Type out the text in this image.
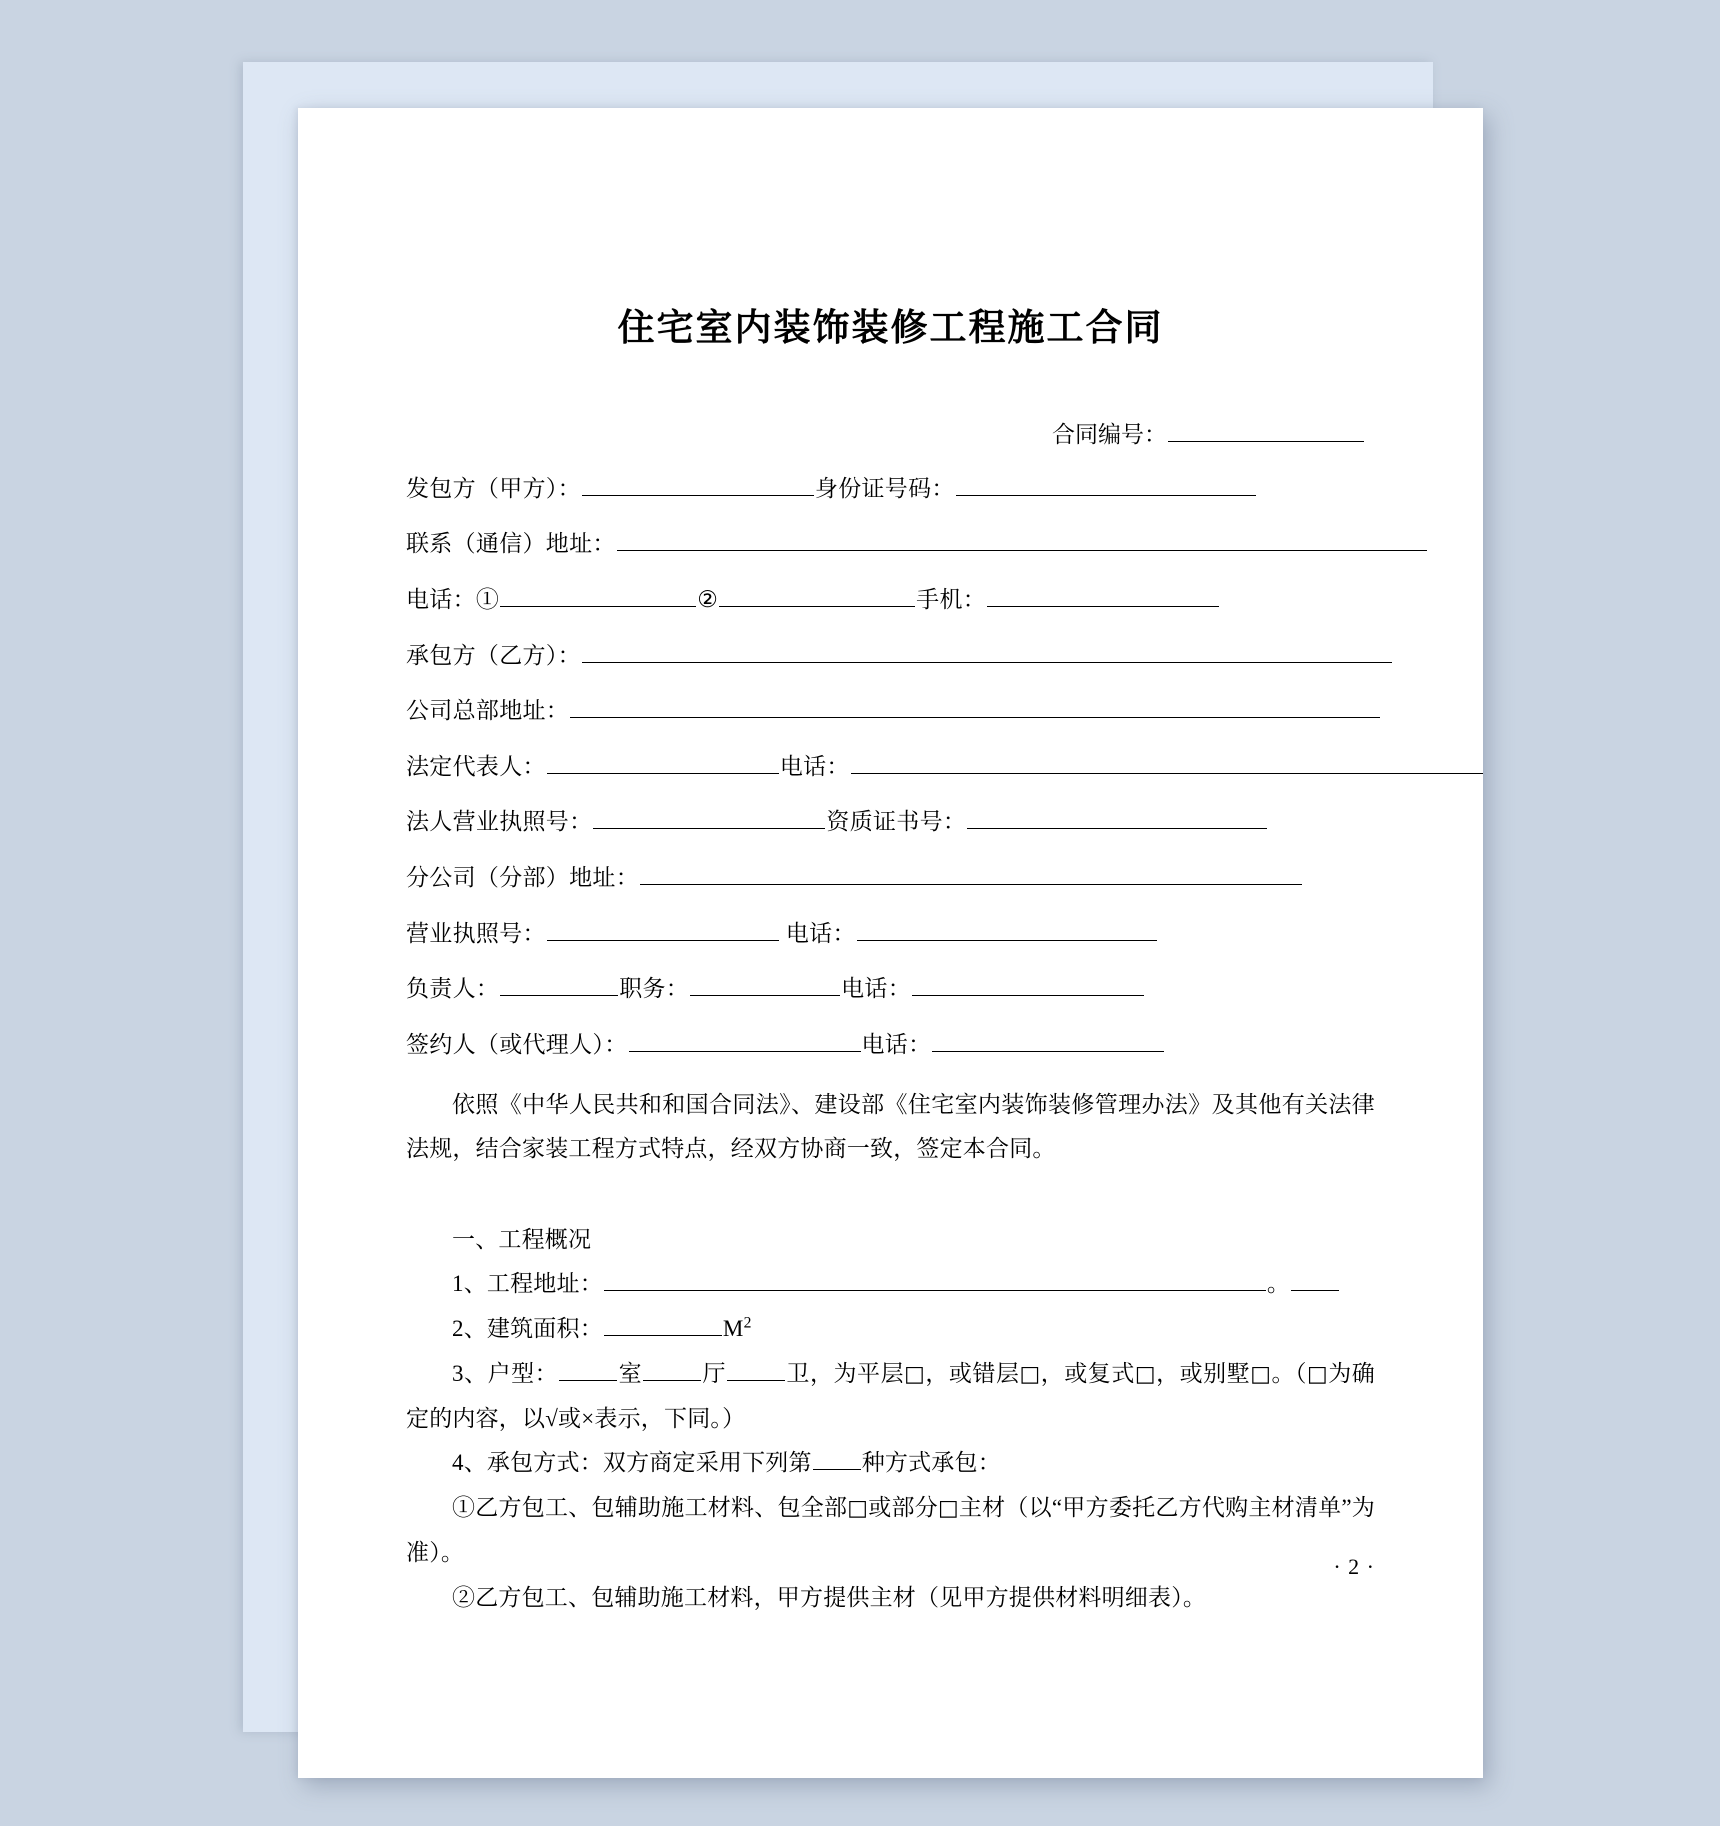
住宅室内装饰装修工程施工合同
合同编号：
发包方（甲方）：	身份证号码：
联系（通信）地址：
电话：①	②	手机：
承包方（乙方）：
公司总部地址：
法定代表人：	电话：
法人营业执照号：	资质证书号：
分公司（分部）地址：
营业执照号：	电话：
负责人：	职务：	电话：
签约人（或代理人）：	电话：

依照《中华人民共和和国合同法》、建设部《住宅室内装饰装修管理办法》及其他有关法律法规，结合家装工程方式特点，经双方协商一致，签定本合同。

一、工程概况

1、工程地址：	。

2、建筑面积：	$M^2$

3、户型：	室	厅	卫，为平层□，或错层□，或复式□，或别墅□。（□为确定的内容，以√或×表示，下同。）

4、承包方式：双方商定采用下列第 种方式承包：

①乙方包工、包辅助施工材料、包全部□或部分□主材（以“甲方委托乙方代购主材清单”为准）。

②乙方包工、包辅助施工材料，甲方提供主材（见甲方提供材料明细表）。

· 2 ·
